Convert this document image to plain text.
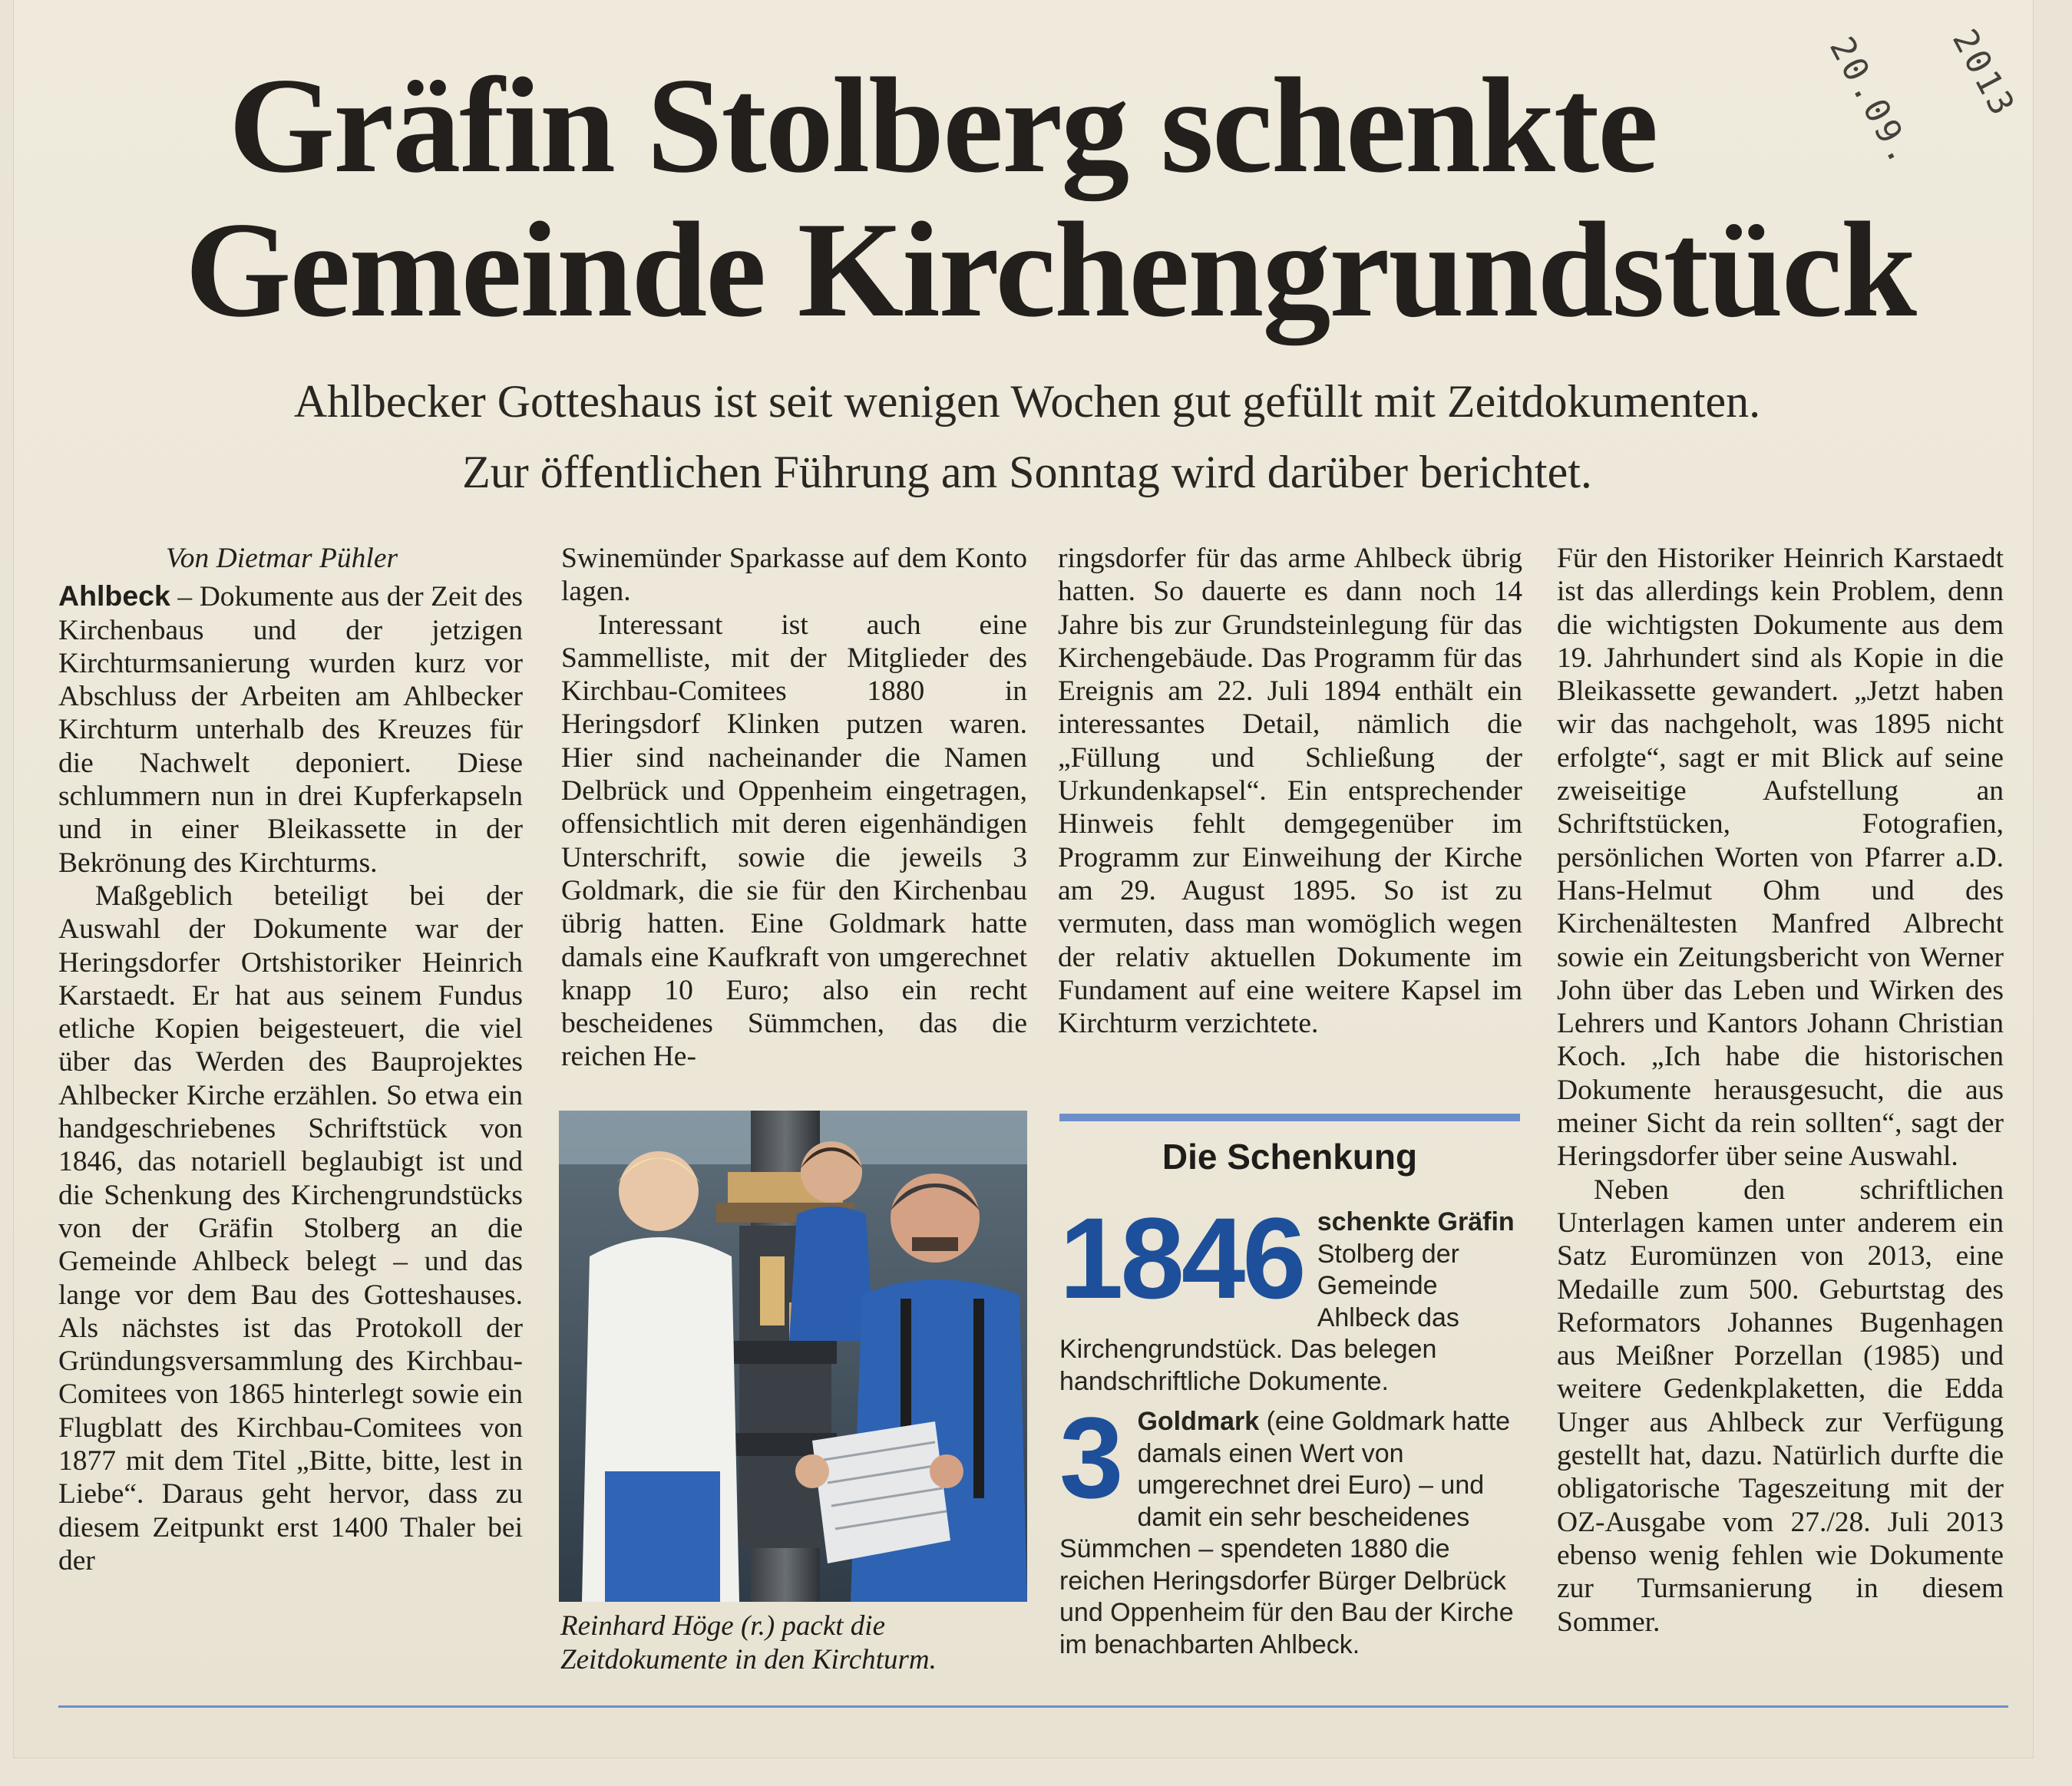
20.09. 2013
Gräfin Stolberg schenkte
Gemeinde Kirchengrundstück
Ahlbecker Gotteshaus ist seit wenigen Wochen gut gefüllt mit Zeitdokumenten.
Zur öffentlichen Führung am Sonntag wird darüber berichtet.

Von Dietmar Pühler

Ahlbeck – Dokumente aus der Zeit des Kirchenbaus und der jetzigen Kirchturmsanierung wurden kurz vor Abschluss der Arbeiten am Ahlbecker Kirchturm unterhalb des Kreuzes für die Nachwelt deponiert. Diese schlummern nun in drei Kupferkapseln und in einer Bleikassette in der Bekrönung des Kirchturms.

Maßgeblich beteiligt bei der Auswahl der Dokumente war der Heringsdorfer Ortshistoriker Heinrich Karstaedt. Er hat aus seinem Fundus etliche Kopien beigesteuert, die viel über das Werden des Bauprojektes Ahlbecker Kirche erzählen. So etwa ein handgeschriebenes Schriftstück von 1846, das notariell beglaubigt ist und die Schenkung des Kirchengrundstücks von der Gräfin Stolberg an die Gemeinde Ahlbeck belegt – und das lange vor dem Bau des Gotteshauses. Als nächstes ist das Protokoll der Gründungsversammlung des Kirchbau-Comitees von 1865 hinterlegt sowie ein Flugblatt des Kirchbau-Comitees von 1877 mit dem Titel „Bitte, bitte, lest in Liebe“. Daraus geht hervor, dass zu diesem Zeitpunkt erst 1400 Thaler bei der

Swinemünder Sparkasse auf dem Konto lagen.

Interessant ist auch eine Sammelliste, mit der Mitglieder des Kirchbau-Comitees 1880 in Heringsdorf Klinken putzen waren. Hier sind nacheinander die Namen Delbrück und Oppenheim eingetragen, offensichtlich mit deren eigenhändigen Unterschrift, sowie die jeweils 3 Goldmark, die sie für den Kirchenbau übrig hatten. Eine Goldmark hatte damals eine Kaufkraft von umgerechnet knapp 10 Euro; also ein recht bescheidenes Sümmchen, das die reichen He-

Reinhard Höge (r.) packt die Zeitdokumente in den Kirchturm.

ringsdorfer für das arme Ahlbeck übrig hatten. So dauerte es dann noch 14 Jahre bis zur Grundsteinlegung für das Kirchengebäude. Das Programm für das Ereignis am 22. Juli 1894 enthält ein interessantes Detail, nämlich die „Füllung und Schließung der Urkundenkapsel“. Ein entsprechender Hinweis fehlt demgegenüber im Programm zur Einweihung der Kirche am 29. August 1895. So ist zu vermuten, dass man womöglich wegen der relativ aktuellen Dokumente im Fundament auf eine weitere Kapsel im Kirchturm verzichtete.

Die Schenkung
1846 schenkte Gräfin Stolberg der Gemeinde Ahlbeck das Kirchengrundstück. Das belegen handschriftliche Dokumente.
3 Goldmark (eine Goldmark hatte damals einen Wert von umgerechnet drei Euro) – und damit ein sehr bescheidenes Sümmchen – spendeten 1880 die reichen Heringsdorfer Bürger Delbrück und Oppenheim für den Bau der Kirche im benachbarten Ahlbeck.

Für den Historiker Heinrich Karstaedt ist das allerdings kein Problem, denn die wichtigsten Dokumente aus dem 19. Jahrhundert sind als Kopie in die Bleikassette gewandert. „Jetzt haben wir das nachgeholt, was 1895 nicht erfolgte“, sagt er mit Blick auf seine zweiseitige Aufstellung an Schriftstücken, Fotografien, persönlichen Worten von Pfarrer a.D. Hans-Helmut Ohm und des Kirchenältesten Manfred Albrecht sowie ein Zeitungsbericht von Werner John über das Leben und Wirken des Lehrers und Kantors Johann Christian Koch. „Ich habe die historischen Dokumente herausgesucht, die aus meiner Sicht da rein sollten“, sagt der Heringsdorfer über seine Auswahl.

Neben den schriftlichen Unterlagen kamen unter anderem ein Satz Euromünzen von 2013, eine Medaille zum 500. Geburtstag des Reformators Johannes Bugenhagen aus Meißner Porzellan (1985) und weitere Gedenkplaketten, die Edda Unger aus Ahlbeck zur Verfügung gestellt hat, dazu. Natürlich durfte die obligatorische Tageszeitung mit der OZ-Ausgabe vom 27./28. Juli 2013 ebenso wenig fehlen wie Dokumente zur Turmsanierung in diesem Sommer.
